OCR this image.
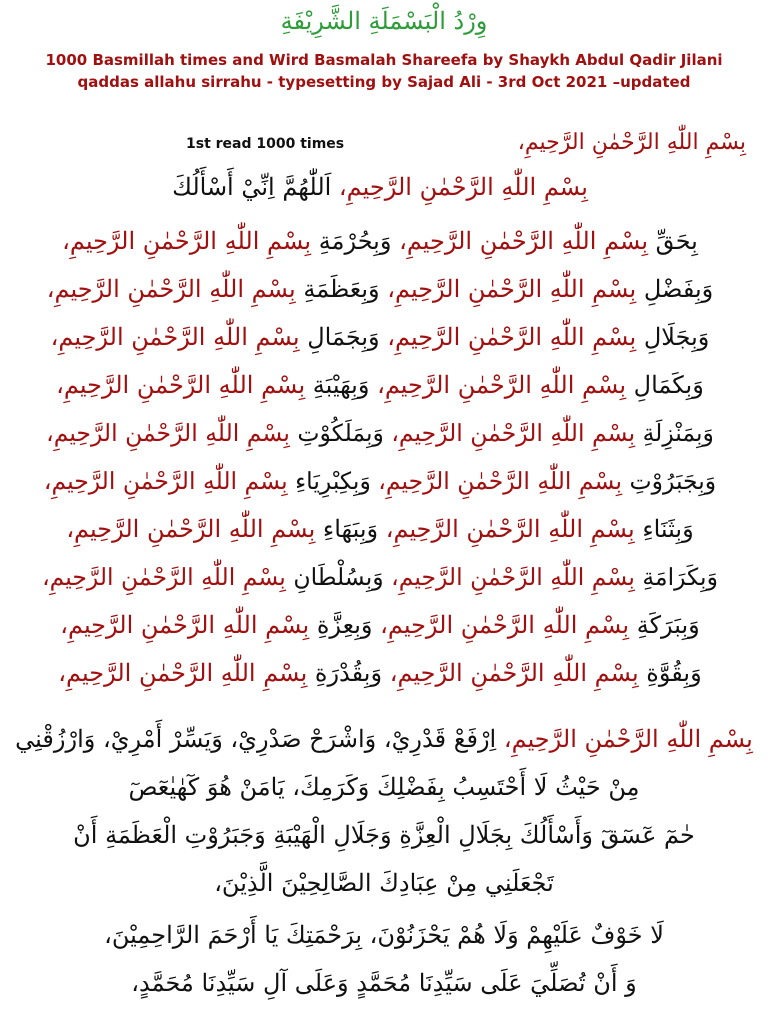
وِرْدُ الْبَسْمَلَةِ الشَّرِيْفَةِ
1000 Basmillah times and Wird Basmalah Shareefa by Shaykh Abdul Qadir Jilani
qaddas allahu sirrahu - typesetting by Sajad Ali - 3rd Oct 2021 –updated
بِسْمِ اللّٰهِ الرَّحْمٰنِ الرَّحِيمِ،
1st read 1000 times
بِسْمِ اللّٰهِ الرَّحْمٰنِ الرَّحِيمِ، اَللّٰهُمَّ اِنِّيْ أَسْأَلُكَ
بِحَقِّ بِسْمِ اللّٰهِ الرَّحْمٰنِ الرَّحِيمِ، وَبِحُرْمَةِ بِسْمِ اللّٰهِ الرَّحْمٰنِ الرَّحِيمِ،
وَبِفَضْلِ بِسْمِ اللّٰهِ الرَّحْمٰنِ الرَّحِيمِ، وَبِعَظَمَةِ بِسْمِ اللّٰهِ الرَّحْمٰنِ الرَّحِيمِ،
وَبِجَلَالِ بِسْمِ اللّٰهِ الرَّحْمٰنِ الرَّحِيمِ، وَبِجَمَالِ بِسْمِ اللّٰهِ الرَّحْمٰنِ الرَّحِيمِ،
وَبِكَمَالِ بِسْمِ اللّٰهِ الرَّحْمٰنِ الرَّحِيمِ، وَبِهَيْبَةِ بِسْمِ اللّٰهِ الرَّحْمٰنِ الرَّحِيمِ،
وَبِمَنْزِلَةِ بِسْمِ اللّٰهِ الرَّحْمٰنِ الرَّحِيمِ، وَبِمَلَكُوْتِ بِسْمِ اللّٰهِ الرَّحْمٰنِ الرَّحِيمِ،
وَبِجَبَرُوْتِ بِسْمِ اللّٰهِ الرَّحْمٰنِ الرَّحِيمِ، وَبِكِبْرِيَاءِ بِسْمِ اللّٰهِ الرَّحْمٰنِ الرَّحِيمِ،
وَبِثَنَاءِ بِسْمِ اللّٰهِ الرَّحْمٰنِ الرَّحِيمِ، وَبِبَهَاءِ بِسْمِ اللّٰهِ الرَّحْمٰنِ الرَّحِيمِ،
وَبِكَرَامَةِ بِسْمِ اللّٰهِ الرَّحْمٰنِ الرَّحِيمِ، وَبِسُلْطَانِ بِسْمِ اللّٰهِ الرَّحْمٰنِ الرَّحِيمِ،
وَبِبَرَكَةِ بِسْمِ اللّٰهِ الرَّحْمٰنِ الرَّحِيمِ، وَبِعِزَّةِ بِسْمِ اللّٰهِ الرَّحْمٰنِ الرَّحِيمِ،
وَبِقُوَّةِ بِسْمِ اللّٰهِ الرَّحْمٰنِ الرَّحِيمِ، وَبِقُدْرَةِ بِسْمِ اللّٰهِ الرَّحْمٰنِ الرَّحِيمِ،
بِسْمِ اللّٰهِ الرَّحْمٰنِ الرَّحِيمِ، اِرْفَعْ قَدْرِيْ، وَاشْرَحْ صَدْرِيْ، وَيَسِّرْ أَمْرِيْ، وَارْزُقْنِي
مِنْ حَيْثُ لَا أَحْتَسِبُ بِفَضْلِكَ وَكَرَمِكَ، يَامَنْ هُوَ كٓهٰيٰعٓصٓ
حٰمٓ عٓسٓقٓ وَأَسْأَلُكَ بِجَلَالِ الْعِزَّةِ وَجَلَالِ الْهَيْبَةِ وَجَبَرُوْتِ الْعَظَمَةِ أَنْ
تَجْعَلَنِي مِنْ عِبَادِكَ الصَّالِحِيْنَ الَّذِيْنَ،
لَا خَوْفٌ عَلَيْهِمْ وَلَا هُمْ يَحْزَنُوْنَ، بِرَحْمَتِكَ يَا أَرْحَمَ الرَّاحِمِيْنَ،
وَ أَنْ تُصَلِّيَ عَلَى سَيِّدِنَا مُحَمَّدٍ وَعَلَى آلِ سَيِّدِنَا مُحَمَّدٍ،
